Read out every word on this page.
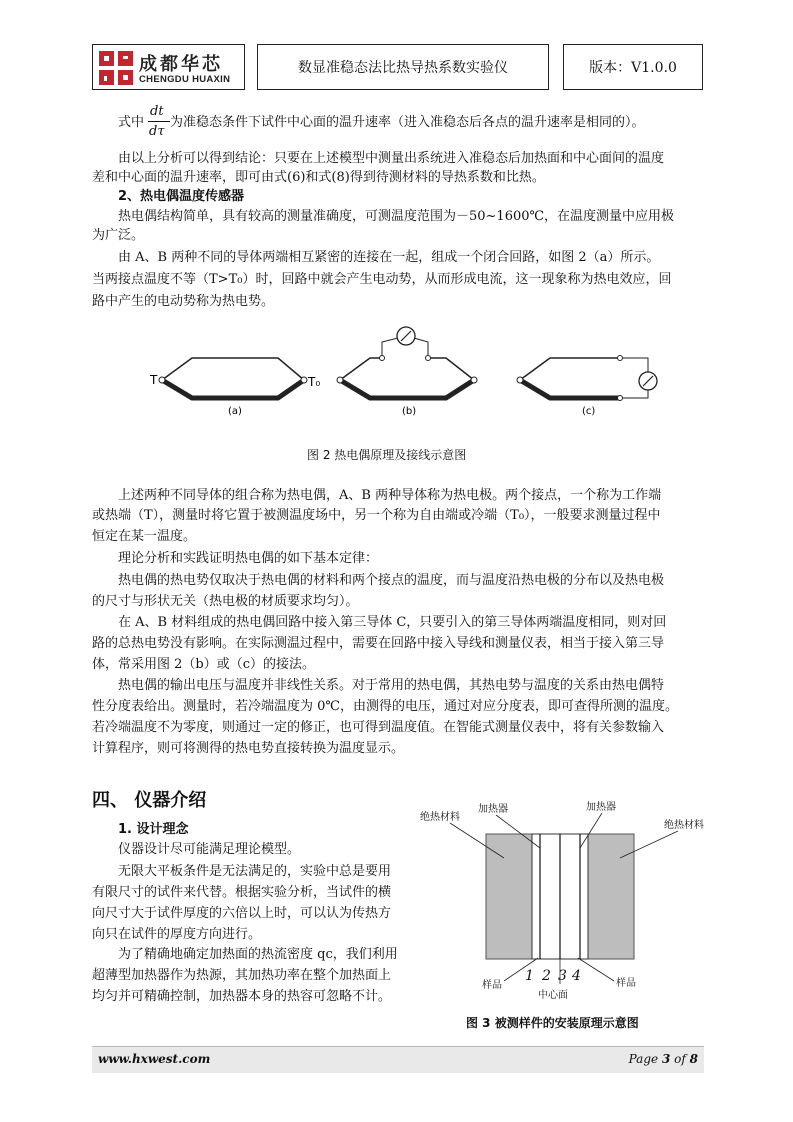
成都华芯
CHENGDU HUAXIN
数显准稳态法比热导热系数实验仪	版本：V1.0.0
式中 为准稳态条件下试件中心面的温升速率（进入准稳态后各点的温升速率是相同的）。
dt
dτ
由以上分析可以得到结论：只要在上述模型中测量出系统进入准稳态后加热面和中心面间的温度
差和中心面的温升速率，即可由式(6)和式(8)得到待测材料的导热系数和比热。
2、热电偶温度传感器
热电偶结构简单，具有较高的测量准确度，可测温度范围为－50~1600℃，在温度测量中应用极
为广泛。
由 A、B 两种不同的导体两端相互紧密的连接在一起，组成一个闭合回路，如图 2（a）所示。
当两接点温度不等（T>T₀）时，回路中就会产生电动势，从而形成电流，这一现象称为热电效应，回
路中产生的电动势称为热电势。
T	T₀
(a)	(b)	(c)
图 2 热电偶原理及接线示意图
上述两种不同导体的组合称为热电偶，A、B 两种导体称为热电极。两个接点，一个称为工作端
或热端（T），测量时将它置于被测温度场中，另一个称为自由端或冷端（T₀），一般要求测量过程中
恒定在某一温度。
理论分析和实践证明热电偶的如下基本定律：
热电偶的热电势仅取决于热电偶的材料和两个接点的温度，而与温度沿热电极的分布以及热电极
的尺寸与形状无关（热电极的材质要求均匀）。
在 A、B 材料组成的热电偶回路中接入第三导体 C，只要引入的第三导体两端温度相同，则对回
路的总热电势没有影响。在实际测温过程中，需要在回路中接入导线和测量仪表，相当于接入第三导
体，常采用图 2（b）或（c）的接法。
热电偶的输出电压与温度并非线性关系。对于常用的热电偶，其热电势与温度的关系由热电偶特
性分度表给出。测量时，若冷端温度为 0℃，由测得的电压，通过对应分度表，即可查得所测的温度。
若冷端温度不为零度，则通过一定的修正，也可得到温度值。在智能式测量仪表中，将有关参数输入
计算程序，则可将测得的热电势直接转换为温度显示。
四、 仪器介绍
1. 设计理念
仪器设计尽可能满足理论模型。
无限大平板条件是无法满足的，实验中总是要用
有限尺寸的试件来代替。根据实验分析，当试件的横
向尺寸大于试件厚度的六倍以上时，可以认为传热方
向只在试件的厚度方向进行。
为了精确地确定加热面的热流密度 qc，我们利用
超薄型加热器作为热源，其加热功率在整个加热面上
均匀并可精确控制，加热器本身的热容可忽略不计。
绝热材料
加热器	加热器
绝热材料
样品	样品
中心面
1 2 3 4
图 3 被测样件的安装原理示意图
www.hxwest.com	Page 3 of 8
